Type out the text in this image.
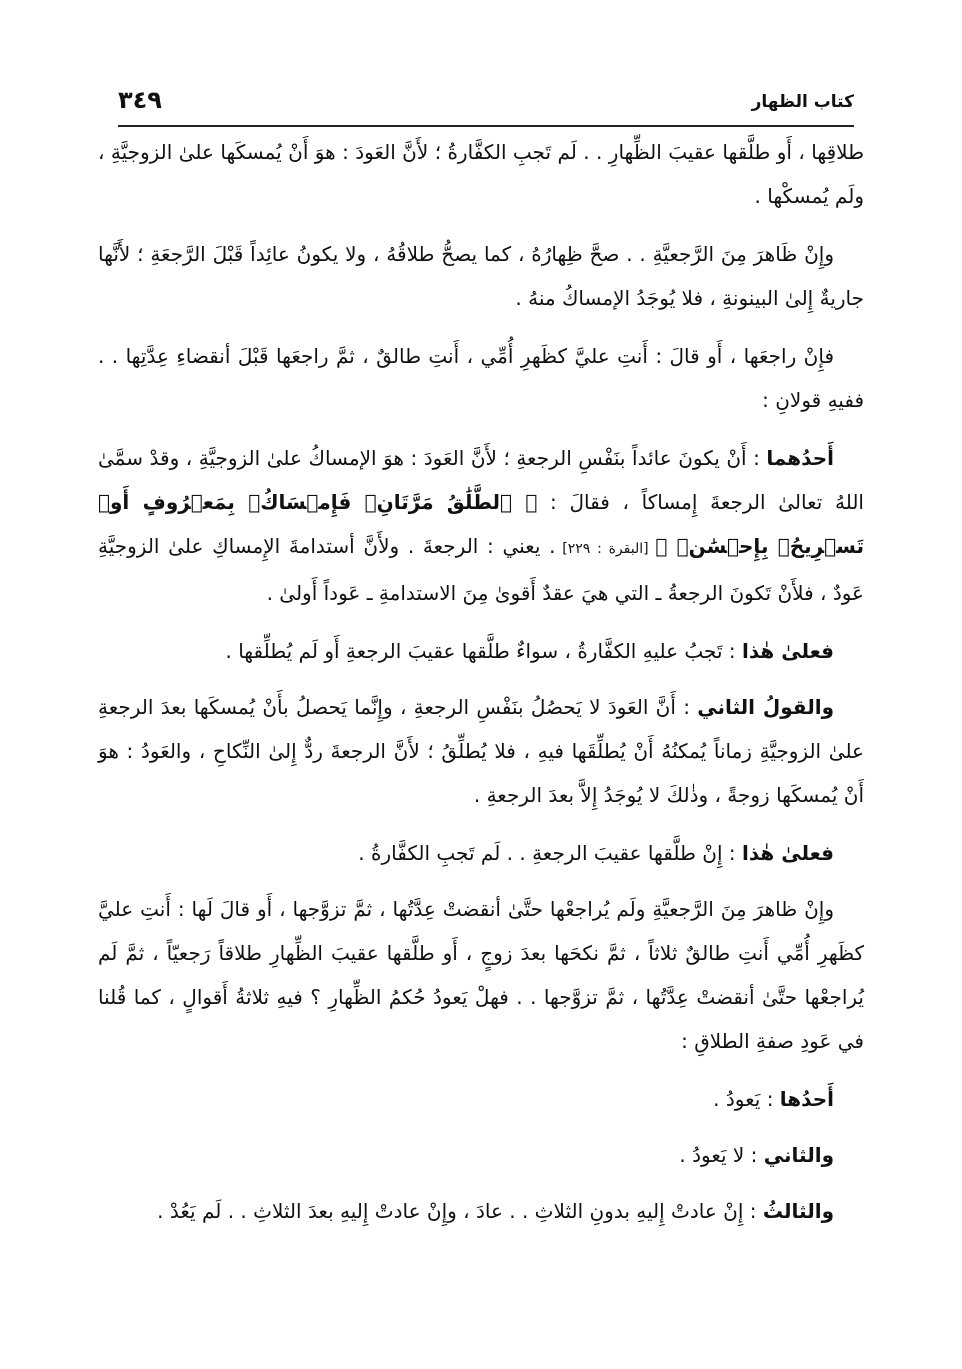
كتاب الظهار
٣٤٩

طلاقِها ، أَو طلَّقها عقيبَ الظِّهارِ . . لَم تَجبِ الكفَّارةُ ؛ لأَنَّ العَودَ : هوَ أَنْ يُمسكَها علىٰ الزوجيَّةِ ، ولَم يُمسكْها .

وإِنْ ظَاهرَ مِنَ الرَّجعيَّةِ . . صحَّ ظِهارُهُ ، كما يصحُّ طلاقُهُ ، ولا يكونُ عائِداً قَبْلَ الرَّجعَةِ ؛ لأَنَّها جاريةٌ إِلىٰ البينونةِ ، فلا يُوجَدُ الإمساكُ منهُ .

فإِنْ راجعَها ، أَو قالَ : أَنتِ عليَّ كظَهرِ أُمِّي ، أَنتِ طالقٌ ، ثمَّ راجعَها قَبْلَ أنقضاءِ عِدَّتِها . . ففيهِ قولانِ :

أَحدُهما : أَنْ يكونَ عائداً بنَفْسِ الرجعةِ ؛ لأَنَّ العَودَ : هوَ الإمساكُ علىٰ الزوجيَّةِ ، وقدْ سمَّىٰ اللهُ تعالىٰ الرجعةَ إِمساكاً ، فقالَ : ﴿ ٱلطَّلَٰقُ مَرَّتَانِۖ فَإِمۡسَاكُۢ بِمَعۡرُوفٍ أَوۡ تَسۡرِيحُۢ بِإِحۡسَٰنٖ ﴾ [البقرة : ٢٢٩] . يعني : الرجعةَ . ولأَنَّ أستدامةَ الإِمساكِ علىٰ الزوجيَّةِ عَودٌ ، فلأَنْ تَكونَ الرجعةُ ـ التي هيَ عقدٌ أَقوىٰ مِنَ الاستدامةِ ـ عَوداً أَولىٰ .

فعلىٰ هٰذا : تَجبُ عليهِ الكفَّارةُ ، سواءٌ طلَّقها عقيبَ الرجعةِ أَو لَم يُطلِّقها .

والقولُ الثاني : أَنَّ العَودَ لا يَحصُلُ بنَفْسِ الرجعةِ ، وإِنَّما يَحصلُ بأَنْ يُمسكَها بعدَ الرجعةِ علىٰ الزوجيَّةِ زماناً يُمكنُهُ أَنْ يُطلِّقَها فيهِ ، فلا يُطلِّقُ ؛ لأَنَّ الرجعةَ ردٌّ إِلىٰ النِّكاحِ ، والعَودُ : هوَ أَنْ يُمسكَها زوجةً ، وذٰلكَ لا يُوجَدُ إِلاَّ بعدَ الرجعةِ .

فعلىٰ هٰذا : إِنْ طلَّقها عقيبَ الرجعةِ . . لَم تَجبِ الكفَّارةُ .

وإِنْ ظاهرَ مِنَ الرَّجعيَّةِ ولَم يُراجعْها حتَّىٰ أنقضتْ عِدَّتُها ، ثمَّ تزوَّجها ، أَو قالَ لَها : أَنتِ عليَّ كظَهرِ أُمِّي أَنتِ طالقٌ ثلاثاً ، ثمَّ نكحَها بعدَ زوجٍ ، أَو طلَّقها عقيبَ الظِّهارِ طلاقاً رَجعيّاً ، ثمَّ لَم يُراجعْها حتَّىٰ أنقضتْ عِدَّتُها ، ثمَّ تزوَّجها . . فهلْ يَعودُ حُكمُ الظِّهارِ ؟ فيهِ ثلاثةُ أَقوالٍ ، كما قُلنا في عَودِ صفةِ الطلاقِ :

أَحدُها : يَعودُ .

والثاني : لا يَعودُ .

والثالثُ : إِنْ عادتْ إِليهِ بدونِ الثلاثِ . . عادَ ، وإِنْ عادتْ إِليهِ بعدَ الثلاثِ . . لَم يَعُدْ .
